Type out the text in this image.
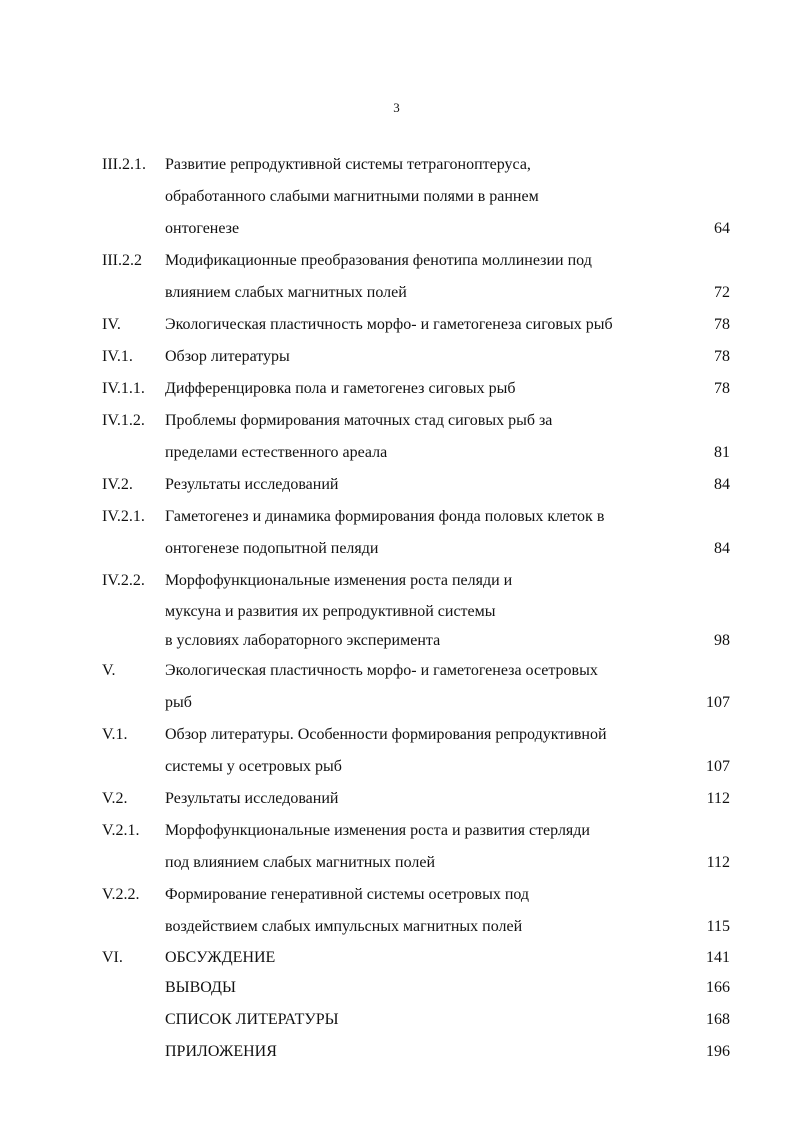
3
III.2.1. Развитие репродуктивной системы тетрагоноптеруса,
обработанного слабыми магнитными полями в раннем
онтогенезе	64
III.2.2 Модификационные преобразования фенотипа моллинезии под
влиянием слабых магнитных полей	72
IV.	Экологическая пластичность морфо- и гаметогенеза сиговых рыб	78
IV.1. Обзор литературы	78
IV.1.1. Дифференцировка пола и гаметогенез сиговых рыб	78
IV.1.2. Проблемы формирования маточных стад сиговых рыб за
пределами естественного ареала	81
IV.2. Результаты исследований	84
IV.2.1. Гаметогенез и динамика формирования фонда половых клеток в
онтогенезе подопытной пеляди	84
IV.2.2. Морфофункциональные изменения роста пеляди и
муксуна и развития их репродуктивной системы
в условиях лабораторного эксперимента	98
V.	Экологическая пластичность морфо- и гаметогенеза осетровых
рыб	107
V.1. Обзор литературы. Особенности формирования репродуктивной
системы у осетровых рыб	107
V.2. Результаты исследований	112
V.2.1. Морфофункциональные изменения роста и развития стерляди
под влиянием слабых магнитных полей	112
V.2.2. Формирование генеративной системы осетровых под
воздействием слабых импульсных магнитных полей	115
VI.	ОБСУЖДЕНИЕ	141
ВЫВОДЫ	166
СПИСОК ЛИТЕРАТУРЫ	168
ПРИЛОЖЕНИЯ	196
